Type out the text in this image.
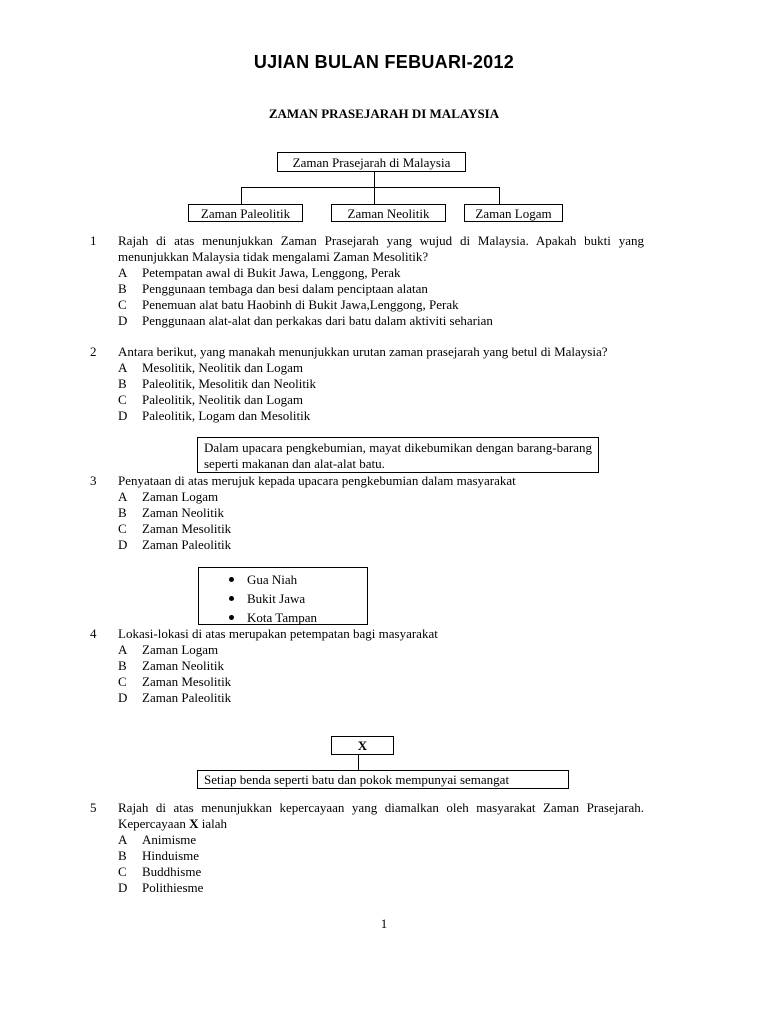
UJIAN BULAN FEBUARI-2012
ZAMAN PRASEJARAH DI MALAYSIA
Zaman Prasejarah di Malaysia
Zaman Paleolitik	Zaman Neolitik	Zaman Logam
1 Rajah di atas menunjukkan Zaman Prasejarah yang wujud di Malaysia. Apakah bukti yang menunjukkan Malaysia tidak mengalami Zaman Mesolitik?
A Petempatan awal di Bukit Jawa, Lenggong, Perak
B Penggunaan tembaga dan besi dalam penciptaan alatan
C Penemuan alat batu Haobinh di Bukit Jawa,Lenggong, Perak
D Penggunaan alat-alat dan perkakas dari batu dalam aktiviti seharian
2 Antara berikut, yang manakah menunjukkan urutan zaman prasejarah yang betul di Malaysia?
A Mesolitik, Neolitik dan Logam
B Paleolitik, Mesolitik dan Neolitik
C Paleolitik, Neolitik dan Logam
D Paleolitik, Logam dan Mesolitik
Dalam upacara pengkebumian, mayat dikebumikan dengan barang-barang seperti makanan dan alat-alat batu.
3 Penyataan di atas merujuk kepada upacara pengkebumian dalam masyarakat
A Zaman Logam
B Zaman Neolitik
C Zaman Mesolitik
D Zaman Paleolitik
Gua Niah
Bukit Jawa
Kota Tampan
4 Lokasi-lokasi di atas merupakan petempatan bagi masyarakat
A Zaman Logam
B Zaman Neolitik
C Zaman Mesolitik
D Zaman Paleolitik
X
Setiap benda seperti batu dan pokok mempunyai semangat
5 Rajah di atas menunjukkan kepercayaan yang diamalkan oleh masyarakat Zaman Prasejarah. Kepercayaan X ialah
A Animisme
B Hinduisme
C Buddhisme
D Polithiesme
1
